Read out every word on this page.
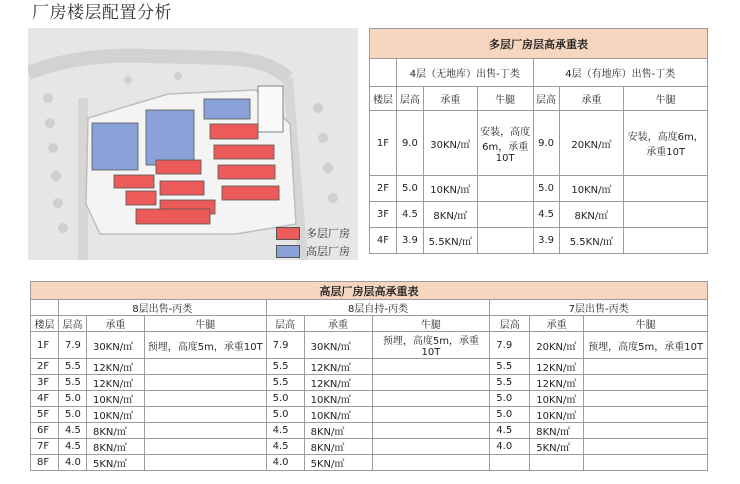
厂房楼层配置分析
多层厂房
高层厂房
多层厂房层高承重表						
	4层（无地库）出售-丁类			4层（有地库）出售-丁类		
楼层	层高	承重	牛腿	层高	承重	牛腿
1F	9.0	30KN/㎡	安装，高度6m，承重10T	9.0	20KN/㎡	安装，高度6m，承重10T
2F	5.0	10KN/㎡		5.0	10KN/㎡	
3F	4.5	8KN/㎡		4.5	8KN/㎡	
4F	3.9	5.5KN/㎡		3.9	5.5KN/㎡	
高层厂房层高承重表									
	8层出售-丙类			8层自持-丙类			7层出售-丙类		
楼层	层高	承重	牛腿	层高	承重	牛腿	层高	承重	牛腿
1F	7.9	30KN/㎡	预埋，高度5m，承重10T	7.9	30KN/㎡	预埋，高度5m，承重10T	7.9	20KN/㎡	预埋，高度5m，承重10T
2F	5.5	12KN/㎡		5.5	12KN/㎡		5.5	12KN/㎡	
3F	5.5	12KN/㎡		5.5	12KN/㎡		5.5	12KN/㎡	
4F	5.0	10KN/㎡		5.0	10KN/㎡		5.0	10KN/㎡	
5F	5.0	10KN/㎡		5.0	10KN/㎡		5.0	10KN/㎡	
6F	4.5	8KN/㎡		4.5	8KN/㎡		4.5	8KN/㎡	
7F	4.5	8KN/㎡		4.5	8KN/㎡		4.0	5KN/㎡	
8F	4.0	5KN/㎡		4.0	5KN/㎡				
